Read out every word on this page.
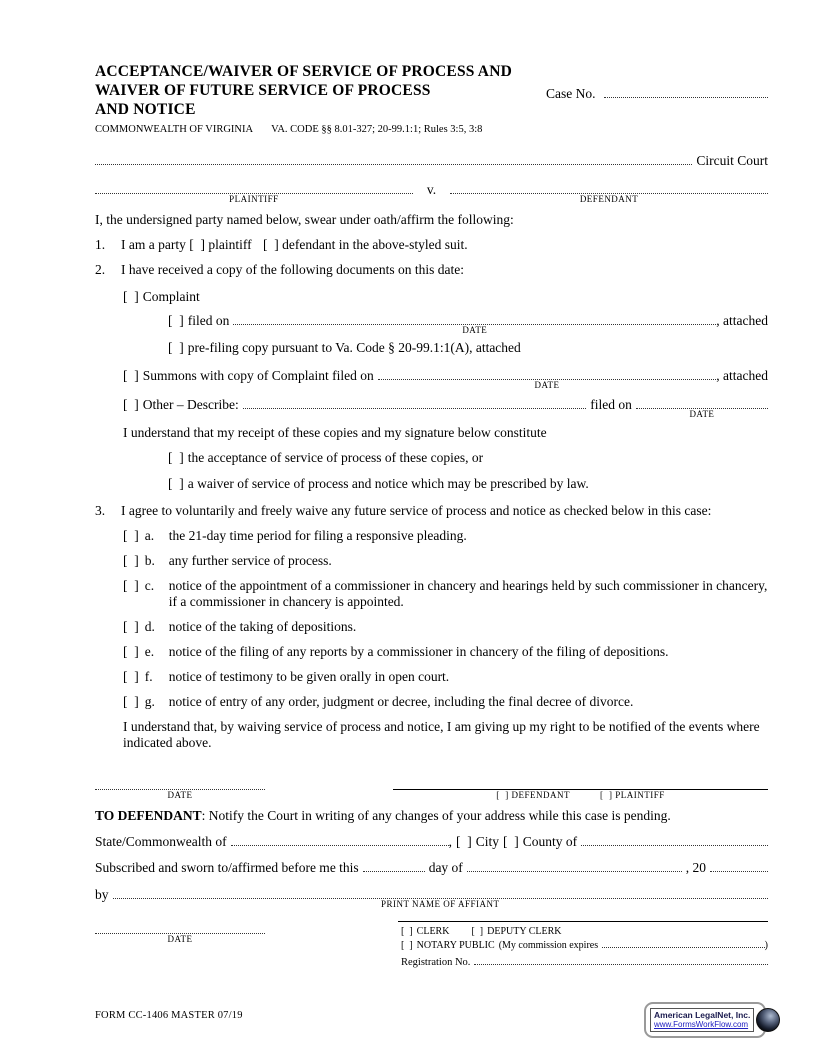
ACCEPTANCE/WAIVER OF SERVICE OF PROCESS AND
WAIVER OF FUTURE SERVICE OF PROCESS
AND NOTICE
COMMONWEALTH OF VIRGINIA VA. CODE §§ 8.01-327; 20-99.1:1; Rules 3:5, 3:8
Case No.
Circuit Court
PLAINTIFF
v.
DEFENDANT
I, the undersigned party named below, swear under oath/affirm the following:
1.	I am a party [  ] plaintiff [  ] defendant in the above-styled suit.
2.	I have received a copy of the following documents on this date:
[  ] Complaint
[  ] filed on
DATE
, attached
[  ] pre-filing copy pursuant to Va. Code § 20-99.1:1(A), attached
[  ] Summons with copy of Complaint filed on
DATE
, attached
[  ] Other – Describe:	filed on
DATE
I understand that my receipt of these copies and my signature below constitute
[  ] the acceptance of service of process of these copies, or
[  ] a waiver of service of process and notice which may be prescribed by law.
3.	I agree to voluntarily and freely waive any future service of process and notice as checked below in this case:
[  ] a.	the 21-day time period for filing a responsive pleading.
[  ] b.	any further service of process.
[  ] c.	notice of the appointment of a commissioner in chancery and hearings held by such commissioner in chancery, if a commissioner in chancery is appointed.
[  ] d.	notice of the taking of depositions.
[  ] e.	notice of the filing of any reports by a commissioner in chancery of the filing of depositions.
[  ] f.	notice of testimony to be given orally in open court.
[  ] g.	notice of entry of any order, judgment or decree, including the final decree of divorce.
I understand that, by waiving service of process and notice, I am giving up my right to be notified of the events where indicated above.
DATE	[  ] DEFENDANT	[  ] PLAINTIFF
TO DEFENDANT: Notify the Court in writing of any changes of your address while this case is pending.
State/Commonwealth of	, [  ] City [  ] County of
Subscribed and sworn to/affirmed before me this	day of	, 20
by
PRINT NAME OF AFFIANT
DATE
[  ] CLERK [  ] DEPUTY CLERK
[  ] NOTARY PUBLIC (My commission expires	)
Registration No.
FORM CC-1406 MASTER 07/19	American LegalNet, Inc.
www.FormsWorkFlow.com
